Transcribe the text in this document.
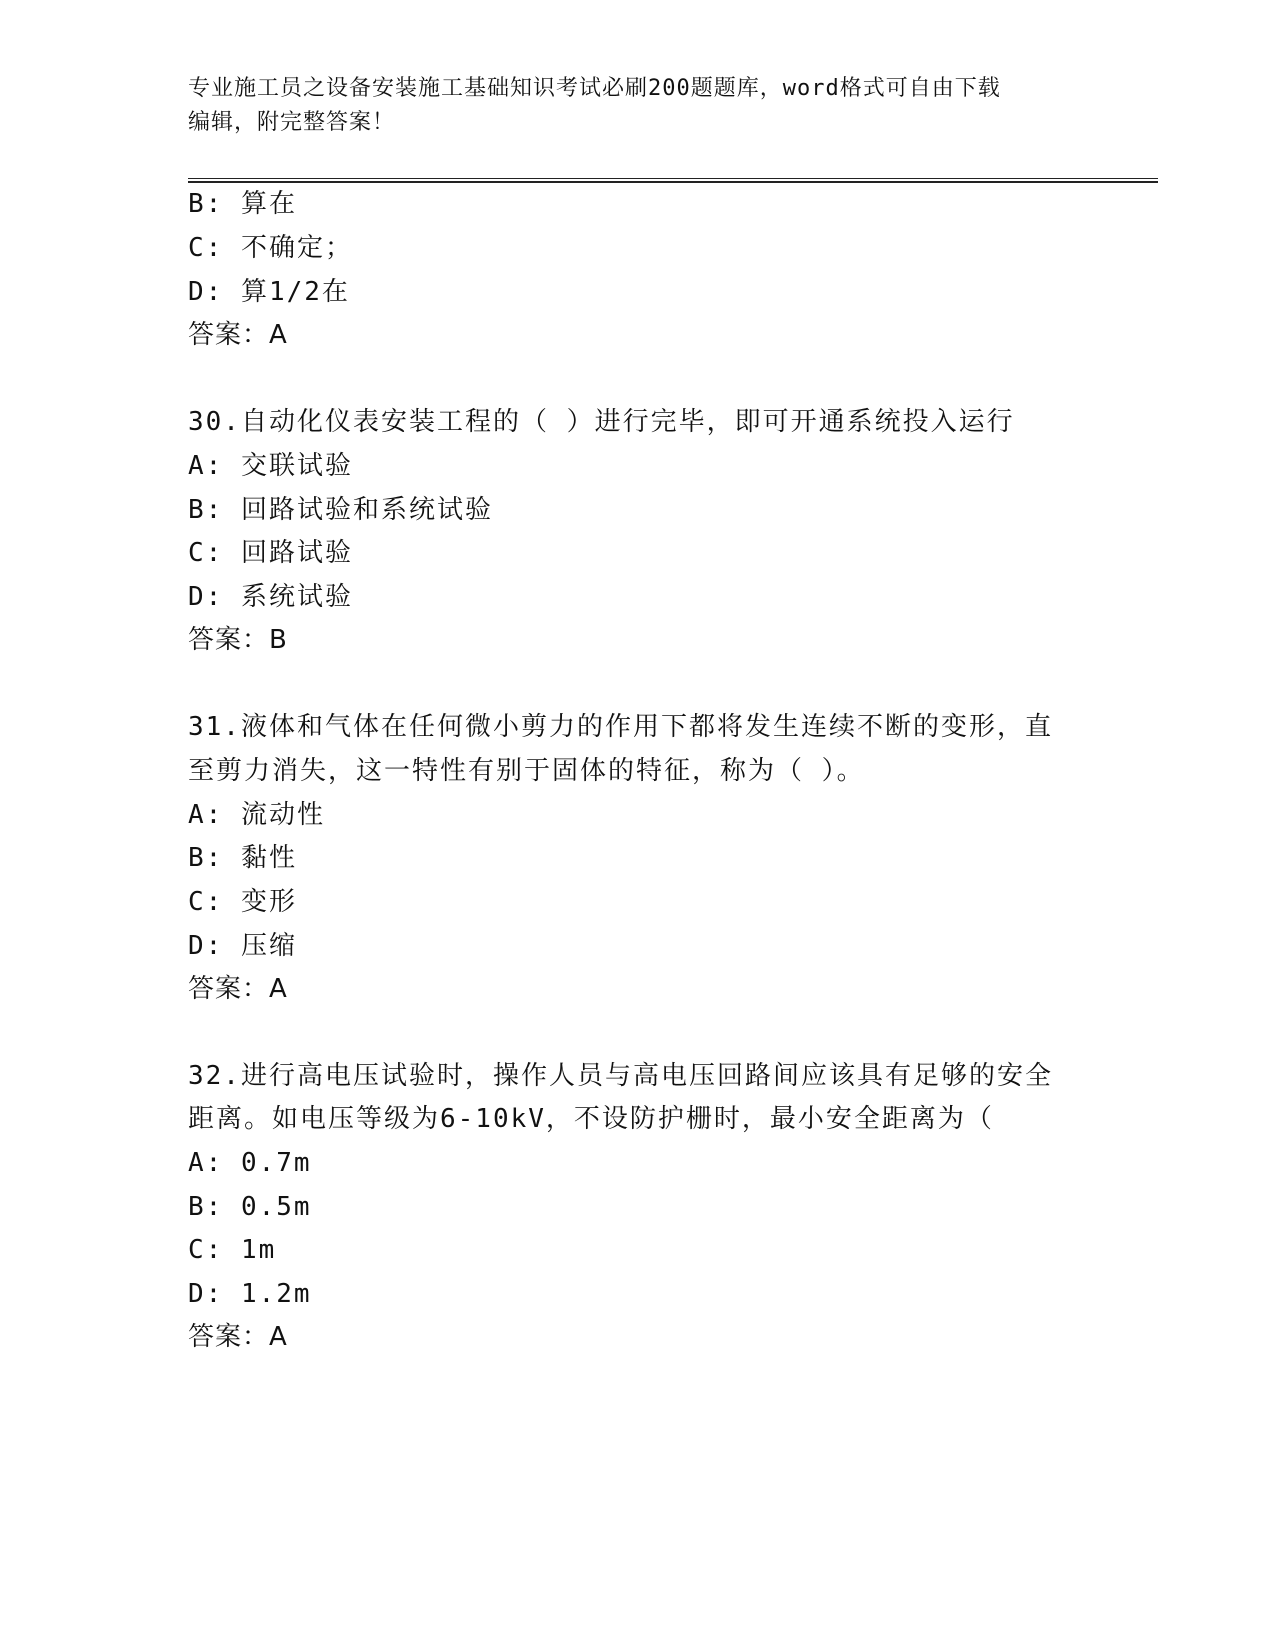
专业施工员之设备安装施工基础知识考试必刷200题题库，word格式可自由下载
编辑，附完整答案！
B: 算在
C: 不确定；
D: 算1/2在
答案：A
30.自动化仪表安装工程的（ ）进行完毕，即可开通系统投入运行
A: 交联试验
B: 回路试验和系统试验
C: 回路试验
D: 系统试验
答案：B
31.液体和气体在任何微小剪力的作用下都将发生连续不断的变形，直
至剪力消失，这一特性有别于固体的特征，称为（ ）。
A: 流动性
B: 黏性
C: 变形
D: 压缩
答案：A
32.进行高电压试验时，操作人员与高电压回路间应该具有足够的安全
距离。如电压等级为6-10kV，不设防护栅时，最小安全距离为（
A: 0.7m
B: 0.5m
C: 1m
D: 1.2m
答案：A
